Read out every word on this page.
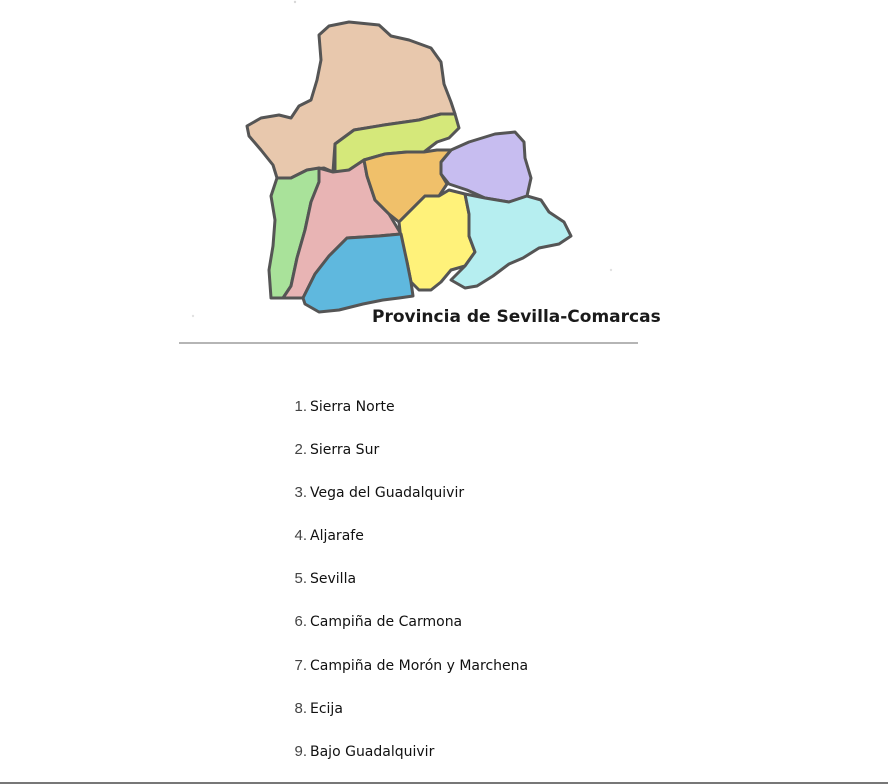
Provincia de Sevilla-Comarcas
1. Sierra Norte
2. Sierra Sur
3. Vega del Guadalquivir
4. Aljarafe
5. Sevilla
6. Campiña de Carmona
7. Campiña de Morón y Marchena
8. Ecija
9. Bajo Guadalquivir
